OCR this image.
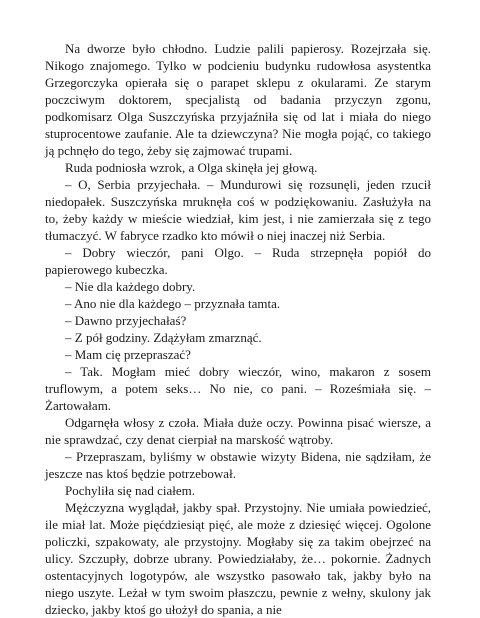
Na dworze było chłodno. Ludzie palili papierosy. Rozejrzała się. Nikogo znajomego. Tylko w podcieniu budynku rudowłosa asystentka Grzegorczyka opierała się o parapet sklepu z okularami. Ze starym poczciwym doktorem, specjalistą od badania przyczyn zgonu, podkomisarz Olga Suszczyńska przyjaźniła się od lat i miała do niego stuprocentowe zaufanie. Ale ta dziewczyna? Nie mogła pojąć, co takiego ją pchnęło do tego, żeby się zajmować trupami.

Ruda podniosła wzrok, a Olga skinęła jej głową.

– O, Serbia przyjechała. – Mundurowi się rozsunęli, jeden rzucił niedopałek. Suszczyńska mruknęła coś w podziękowaniu. Zasłużyła na to, żeby każdy w mieście wiedział, kim jest, i nie zamierzała się z tego tłumaczyć. W fabryce rzadko kto mówił o niej inaczej niż Serbia.

– Dobry wieczór, pani Olgo. – Ruda strzepnęła popiół do papierowego kubeczka.

– Nie dla każdego dobry.

– Ano nie dla każdego – przyznała tamta.

– Dawno przyjechałaś?

– Z pół godziny. Zdążyłam zmarznąć.

– Mam cię przepraszać?

– Tak. Mogłam mieć dobry wieczór, wino, makaron z sosem truflowym, a potem seks… No nie, co pani. – Roześmiała się. – Żartowałam.

Odgarnęła włosy z czoła. Miała duże oczy. Powinna pisać wiersze, a nie sprawdzać, czy denat cierpiał na marskość wątroby.

– Przepraszam, byliśmy w obstawie wizyty Bidena, nie sądziłam, że jeszcze nas ktoś będzie potrzebował.

Pochyliła się nad ciałem.

Mężczyzna wyglądał, jakby spał. Przystojny. Nie umiała powiedzieć, ile miał lat. Może pięćdziesiąt pięć, ale może z dziesięć więcej. Ogolone policzki, szpakowaty, ale przystojny. Mogłaby się za takim obejrzeć na ulicy. Szczupły, dobrze ubrany. Powiedziałaby, że… pokornie. Żadnych ostentacyjnych logotypów, ale wszystko pasowało tak, jakby było na niego uszyte. Leżał w tym swoim płaszczu, pewnie z wełny, skulony jak dziecko, jakby ktoś go ułożył do spania, a nie
